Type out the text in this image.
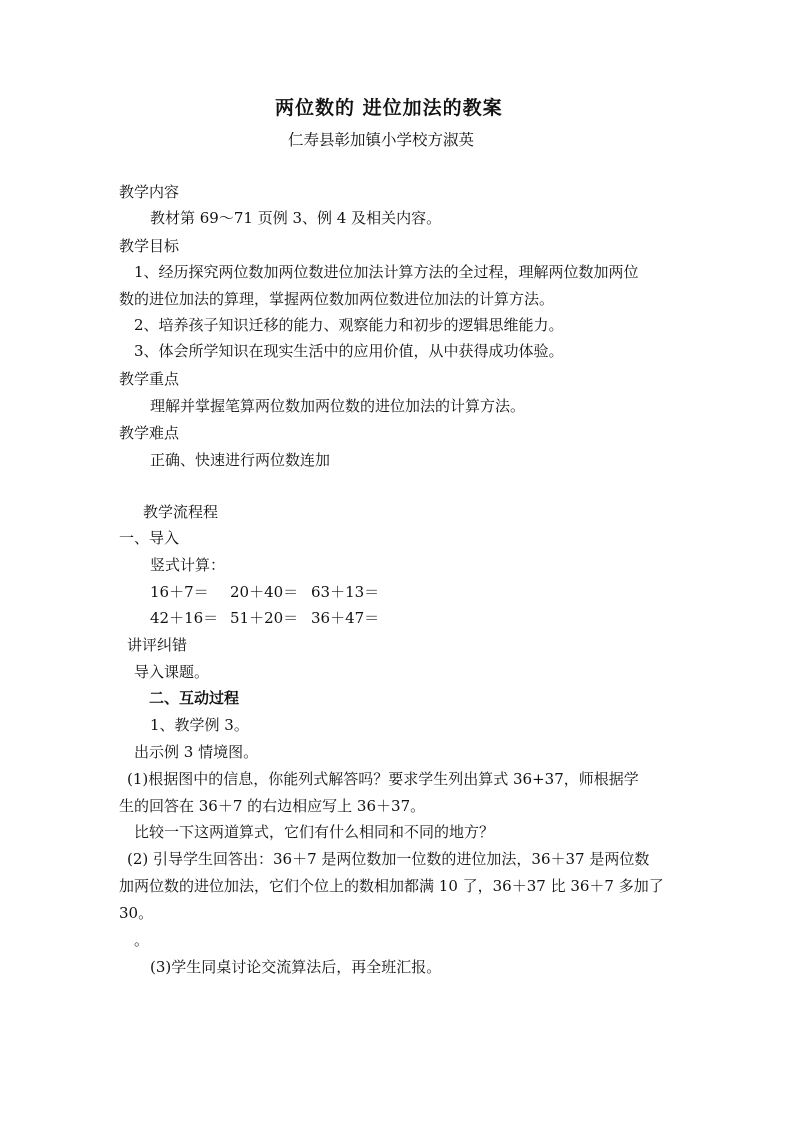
两位数的 进位加法的教案
仁寿县彰加镇小学校方淑英
教学内容
教材第 69～71 页例 3、例 4 及相关内容。
教学目标
1、经历探究两位数加两位数进位加法计算方法的全过程，理解两位数加两位
数的进位加法的算理，掌握两位数加两位数进位加法的计算方法。
2、培养孩子知识迁移的能力、观察能力和初步的逻辑思维能力。
3、体会所学知识在现实生活中的应用价值，从中获得成功体验。
教学重点
理解并掌握笔算两位数加两位数的进位加法的计算方法。
教学难点
正确、快速进行两位数连加
教学流程程
一、导入
竖式计算：
16＋7＝ 20＋40＝ 63＋13＝
42＋16＝ 51＋20＝ 36＋47＝
讲评纠错
导入课题。
二、互动过程
1、教学例 3。
出示例 3 情境图。
(1)根据图中的信息，你能列式解答吗？要求学生列出算式 36+37，师根据学
生的回答在 36＋7 的右边相应写上 36＋37。
比较一下这两道算式，它们有什么相同和不同的地方？
(2) 引导学生回答出：36＋7 是两位数加一位数的进位加法，36＋37 是两位数
加两位数的进位加法，它们个位上的数相加都满 10 了，36＋37 比 36＋7 多加了
30。
。
(3)学生同桌讨论交流算法后，再全班汇报。
